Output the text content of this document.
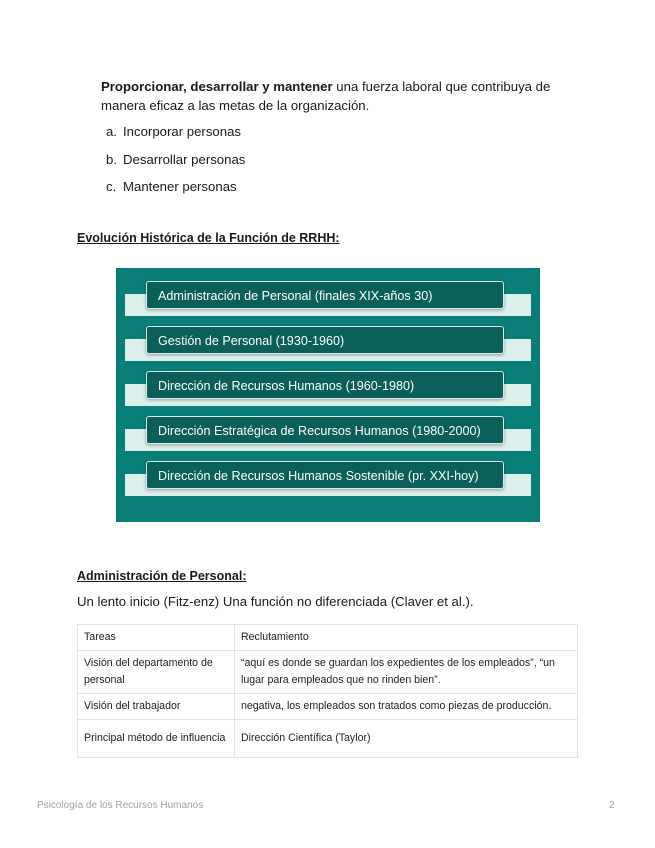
Proporcionar, desarrollar y mantener una fuerza laboral que contribuya de manera eficaz a las metas de la organización.

a. Incorporar personas
b. Desarrollar personas
c. Mantener personas
Evolución Histórica de la Función de RRHH:
Administración de Personal (finales XIX-años 30)
Gestión de Personal (1930-1960)
Dirección de Recursos Humanos (1960-1980)
Dirección Estratégica de Recursos Humanos (1980-2000)
Dirección de Recursos Humanos Sostenible (pr. XXI-hoy)
Administración de Personal:

Un lento inicio (Fitz-enz) Una función no diferenciada (Claver et al.).

Tareas	Reclutamiento
Visión del departamento de personal	“aquí es donde se guardan los expedientes de los empleados”, “un lugar para empleados que no rinden bien”.
Visión del trabajador	negativa, los empleados son tratados como piezas de producción.
Principal método de influencia	Dirección Científica (Taylor)
Psicología de los Recursos Humanos	2
